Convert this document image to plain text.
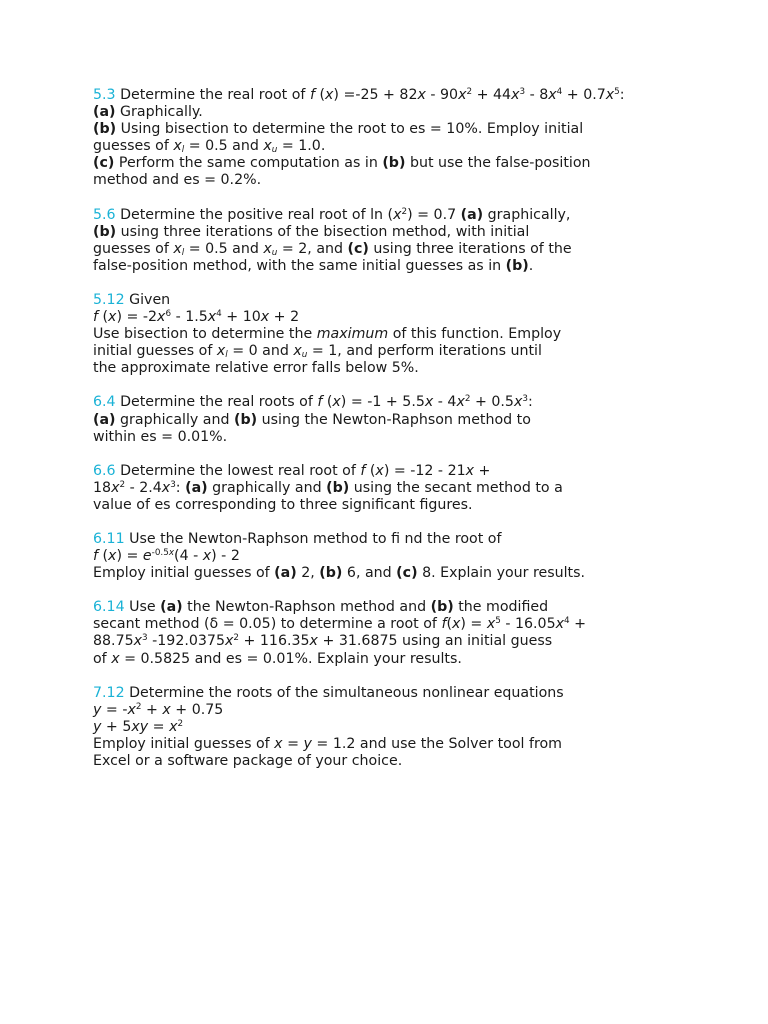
5.3 Determine the real root of f $(x) =-25 + 82x - 90x^2 + 44x^3 - 8x^4 + 0.7x^5$:
(a) Graphically.
(b) Using bisection to determine the root to es = 10%. Employ initial
guesses of $x_l = 0.5$ and $x_u = 1.0$.
(c) Perform the same computation as in (b) but use the false-position
method and es = 0.2%.
5.6 Determine the positive real root of $\ln (x^2) = 0.7$ (a) graphically,
(b) using three iterations of the bisection method, with initial
guesses of $x_l = 0.5$ and $x_u = 2$, and (c) using three iterations of the
false-position method, with the same initial guesses as in (b).
5.12 Given
f $(x) = -2x^6 - 1.5x^4 + 10x + 2$
Use bisection to determine the maximum of this function. Employ
initial guesses of $x_l = 0$ and $x_u = 1$, and perform iterations until
the approximate relative error falls below 5%.
6.4 Determine the real roots of f $(x) = -1 + 5.5x - 4x^2 + 0.5x^3$:
(a) graphically and (b) using the Newton-Raphson method to
within es = 0.01%.
6.6 Determine the lowest real root of f (x) = -12 - 21x +
$18x^2 - 2.4x^3$: (a) graphically and (b) using the secant method to a
value of es corresponding to three significant figures.
6.11 Use the Newton-Raphson method to fi nd the root of
f $(x) = e^{-0.5x}(4 - x) - 2$
Employ initial guesses of (a) 2, (b) 6, and (c) 8. Explain your results.
6.14 Use (a) the Newton-Raphson method and (b) the modified
secant method (δ = 0.05) to determine a root of $f(x) = x^5 - 16.05x^4$ +
$88.75x^3$ $-192.0375x^2 + 116.35x + 31.6875$ using an initial guess
of x = 0.5825 and es = 0.01%. Explain your results.
7.12 Determine the roots of the simultaneous nonlinear equations
$y = -x^2 + x + 0.75$
$y + 5xy = x^2$
Employ initial guesses of x = y = 1.2 and use the Solver tool from
Excel or a software package of your choice.
